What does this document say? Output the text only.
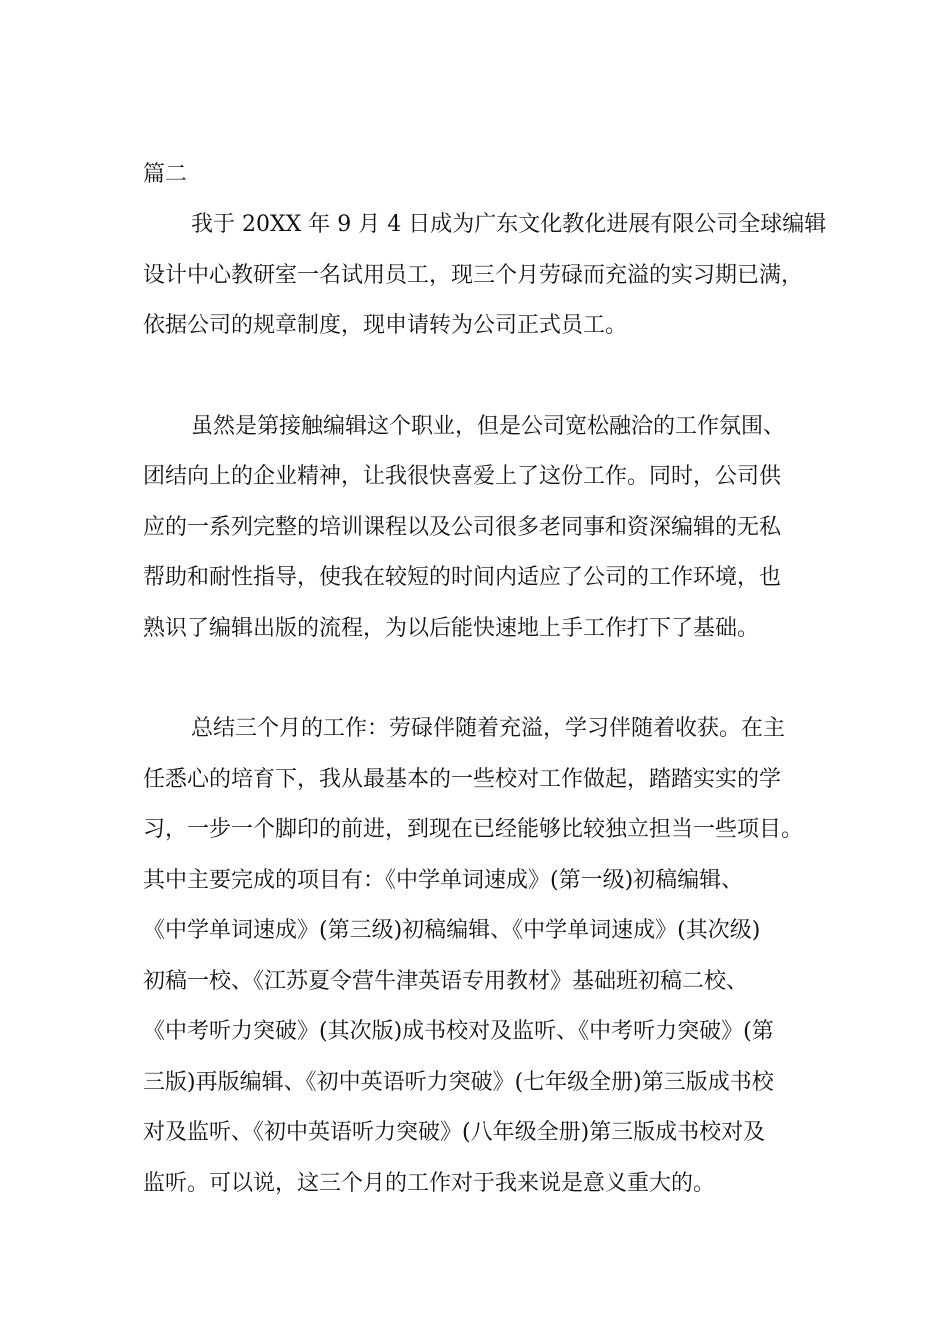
篇二
我于 20XX 年 9 月 4 日成为广东文化教化进展有限公司全球编辑
设计中心教研室一名试用员工，现三个月劳碌而充溢的实习期已满，
依据公司的规章制度，现申请转为公司正式员工。
虽然是第接触编辑这个职业，但是公司宽松融洽的工作氛围、
团结向上的企业精神，让我很快喜爱上了这份工作。同时，公司供
应的一系列完整的培训课程以及公司很多老同事和资深编辑的无私
帮助和耐性指导，使我在较短的时间内适应了公司的工作环境，也
熟识了编辑出版的流程，为以后能快速地上手工作打下了基础。
总结三个月的工作：劳碌伴随着充溢，学习伴随着收获。在主
任悉心的培育下，我从最基本的一些校对工作做起，踏踏实实的学
习，一步一个脚印的前进，到现在已经能够比较独立担当一些项目。
其中主要完成的项目有：《中学单词速成》(第一级)初稿编辑、
《中学单词速成》(第三级)初稿编辑、《中学单词速成》(其次级)
初稿一校、《江苏夏令营牛津英语专用教材》基础班初稿二校、
《中考听力突破》(其次版)成书校对及监听、《中考听力突破》(第
三版)再版编辑、《初中英语听力突破》(七年级全册)第三版成书校
对及监听、《初中英语听力突破》(八年级全册)第三版成书校对及
监听。可以说，这三个月的工作对于我来说是意义重大的。
